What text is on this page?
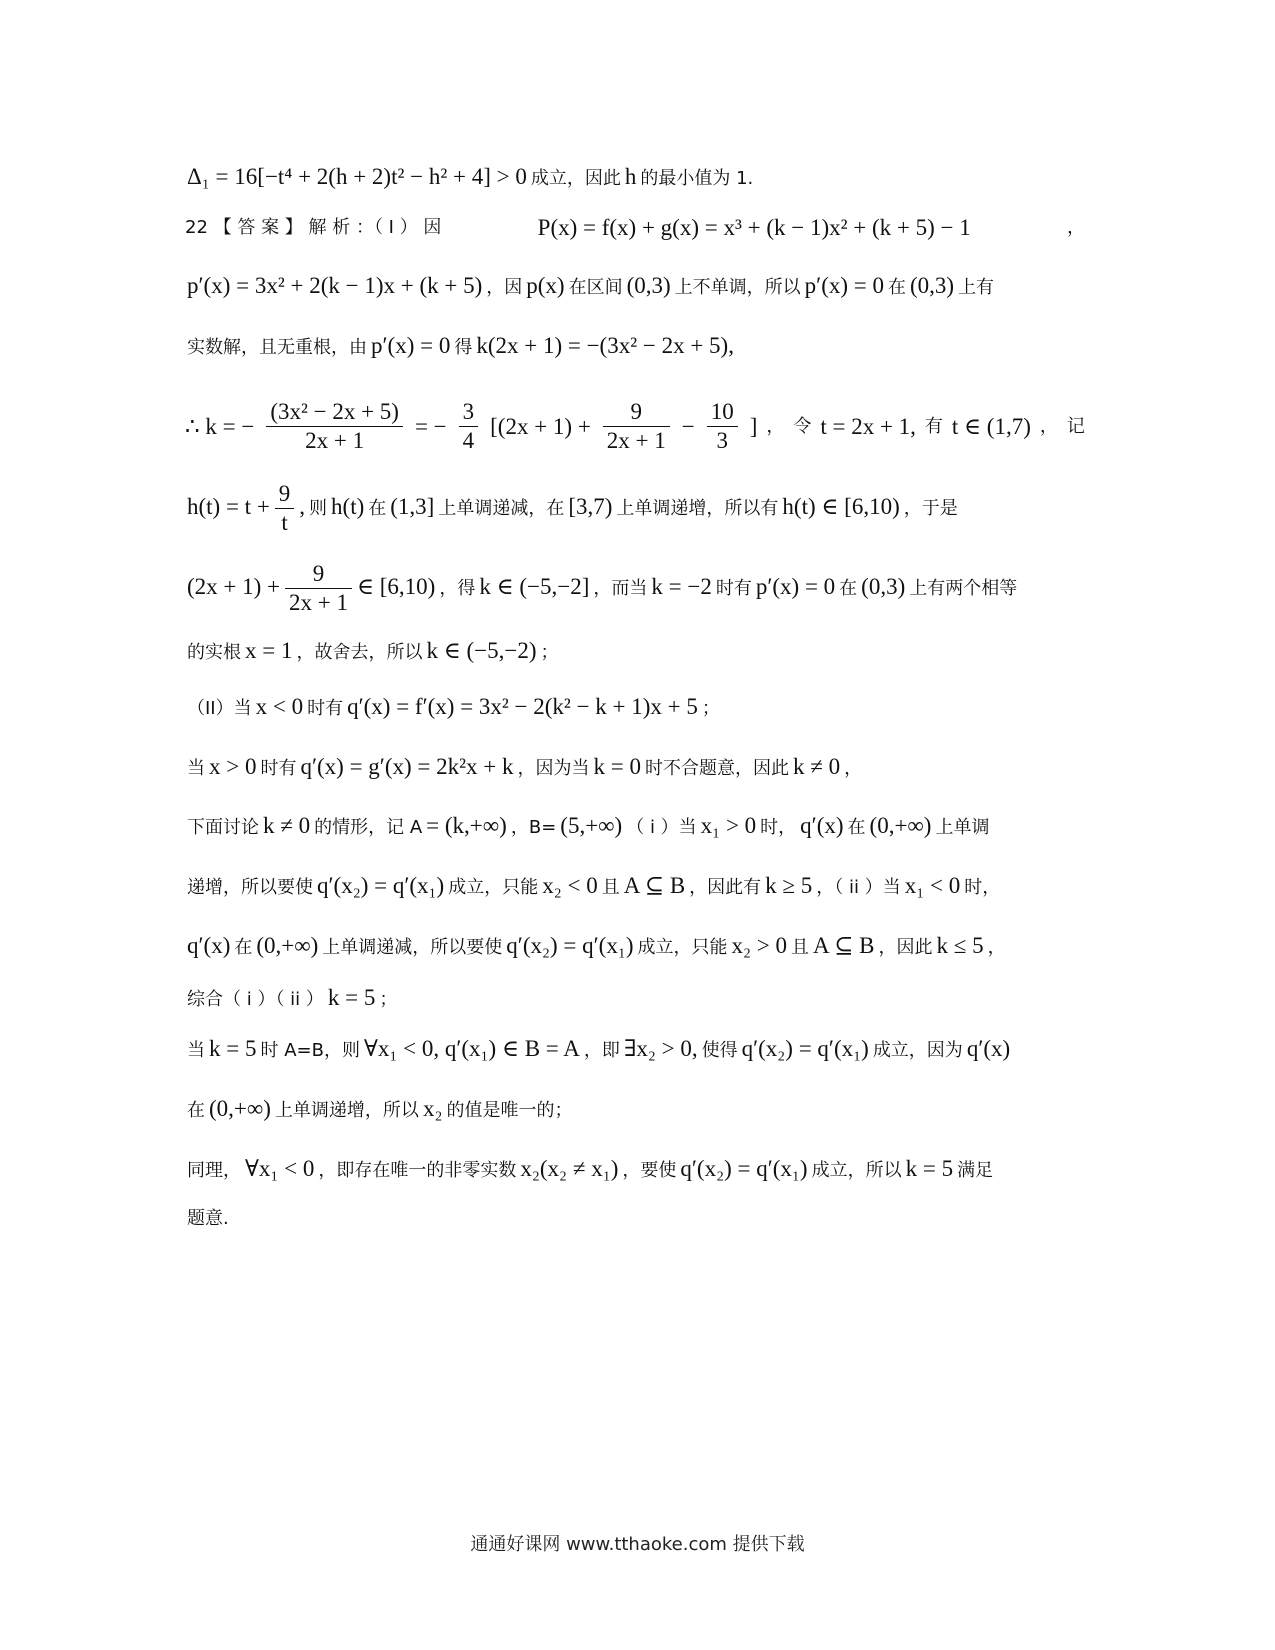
Δ₁ = 16[−t⁴ + 2(h + 2)t² − h² + 4] > 0 成立，因此 h 的最小值为 1.
22 【 答 案 】 解 析 ：（ I ） 因	P(x) = f(x) + g(x) = x³ + (k − 1)x² + (k + 5) − 1	，
p′(x) = 3x² + 2(k − 1)x + (k + 5) ，因 p(x) 在区间 (0,3) 上不单调，所以 p′(x) = 0 在 (0,3) 上有
实数解，且无重根，由 p′(x) = 0 得 k(2x + 1) = −(3x² − 2x + 5),
∴ k = − $\frac{\text{(3x² − 2x + 5)}}{2x + 1}$ = − $\frac{3}{4} [(2x + 1) + \frac{9}{2x + 1} - \frac{10}{3}$ ] ， 令 t = 2x + 1, 有 t ∈ (1,7) ， 记
$h(t) = t + \frac{9}{t}$ , 则 h(t) 在 (1,3] 上单调递减，在 [3,7) 上单调递增，所以有 h(t) ∈ [6,10) ，于是
$(2x + 1) + \frac{9}{2x + 1}$ ∈ [6,10) ，得 k ∈ (−5,−2] ，而当 k = −2 时有 p′(x) = 0 在 (0,3) 上有两个相等
的实根 x = 1 ，故舍去，所以 k ∈ (−5,−2) ；
（II）当 x < 0 时有 q′(x) = f′(x) = 3x² − 2(k² − k + 1)x + 5 ；
当 x > 0 时有 q′(x) = g′(x) = 2k²x + k ，因为当 k = 0 时不合题意，因此 k ≠ 0 ，
下面讨论 k ≠ 0 的情形，记 A = (k,+∞) ，B= (5,+∞) （ i ）当 x₁ > 0 时， q′(x) 在 (0,+∞) 上单调
递增，所以要使 q′(x₂) = q′(x₁) 成立，只能 x₂ < 0 且 A ⊆ B ，因此有 k ≥ 5 ，（ ii ）当 x₁ < 0 时，
q′(x) 在 (0,+∞) 上单调递减，所以要使 q′(x₂) = q′(x₁) 成立，只能 x₂ > 0 且 A ⊆ B ，因此 k ≤ 5 ，
综合（ i ）（ ii ） k = 5 ；
当 k = 5 时 A=B，则 ∀x₁ < 0, q′(x₁) ∈ B = A ，即 ∃x₂ > 0, 使得 q′(x₂) = q′(x₁) 成立，因为 q′(x)
在 (0,+∞) 上单调递增，所以 x₂ 的值是唯一的；
同理， ∀x₁ < 0 ，即存在唯一的非零实数 x₂(x₂ ≠ x₁) ，要使 q′(x₂) = q′(x₁) 成立，所以 k = 5 满足
题意.
通通好课网 www.tthaoke.com 提供下载
